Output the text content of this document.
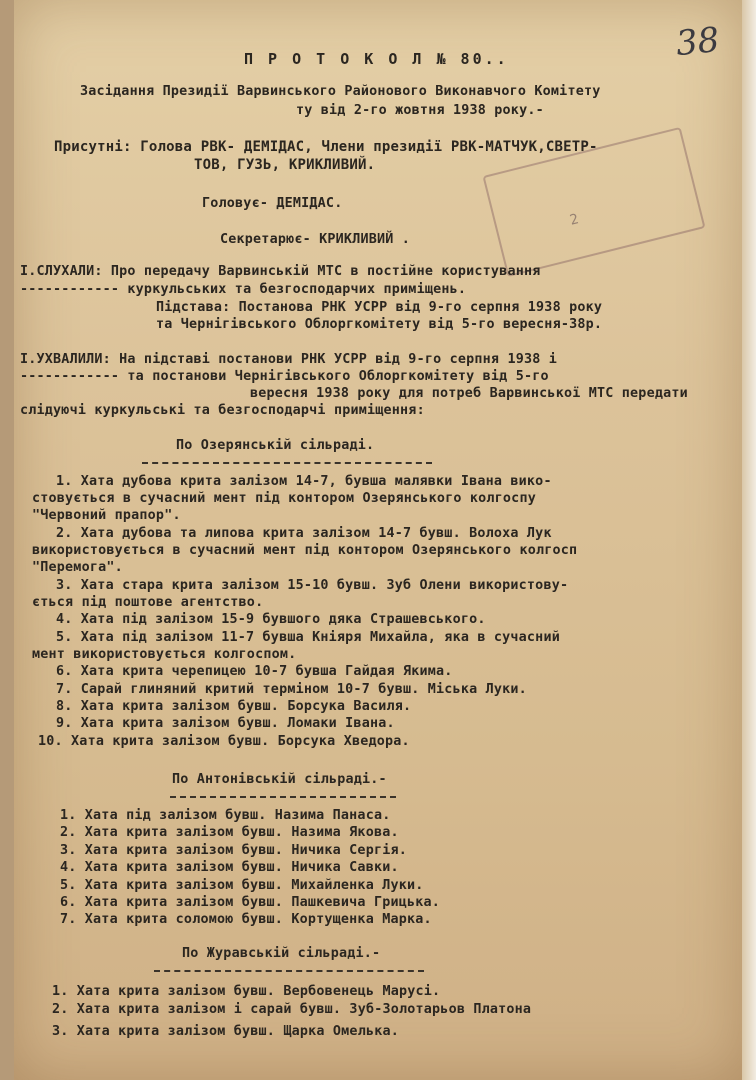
38
2
П Р О Т О К О Л № 80..
Засідання Президії Варвинського Районового Виконавчого Комітету
ту від 2-го жовтня 1938 року.-
Присутні: Голова РВК- ДЕМІДАС, Члени президії РВК-МАТЧУК,СВЕТР-
ТОВ, ГУЗЬ, КРИКЛИВИЙ.
Головує- ДЕМІДАС.
Секретарює- КРИКЛИВИЙ .
І.СЛУХАЛИ: Про передачу Варвинській МТС в постійне користування
------------ куркульських та безгосподарчих приміщень.
Підстава: Постанова РНК УСРР від 9-го серпня 1938 року
та Чернігівського Облоргкомітету від 5-го вересня-38р.
І.УХВАЛИЛИ: На підставі постанови РНК УСРР від 9-го серпня 1938 і
------------ та постанови Чернігівського Облоргкомітету від 5-го
вересня 1938 року для потреб Варвинської МТС передати
слідуючі куркульські та безгосподарчі приміщення:
По Озерянській сільраді.
1. Хата дубова крита залізом 14-7, бувша малявки Івана вико-
стовується в сучасний мент під контором Озерянського колгоспу
"Червоний прапор".
2. Хата дубова та липова крита залізом 14-7 бувш. Волоха Лук
використовується в сучасний мент під контором Озерянського колгосп
"Перемога".
3. Хата стара крита залізом 15-10 бувш. Зуб Олени використову-
ється під поштове агентство.
4. Хата під залізом 15-9 бувшого дяка Страшевського.
5. Хата під залізом 11-7 бувша Кніяря Михайла, яка в сучасний
мент використовується колгоспом.
6. Хата крита черепицею 10-7 бувша Гайдая Якима.
7. Сарай глиняний критий терміном 10-7 бувш. Міська Луки.
8. Хата крита залізом бувш. Борсука Василя.
9. Хата крита залізом бувш. Ломаки Івана.
10. Хата крита залізом бувш. Борсука Хведора.
По Антонівській сільраді.-
1. Хата під залізом бувш. Назима Панаса.
2. Хата крита залізом бувш. Назима Якова.
3. Хата крита залізом бувш. Ничика Сергія.
4. Хата крита залізом бувш. Ничика Савки.
5. Хата крита залізом бувш. Михайленка Луки.
6. Хата крита залізом бувш. Пашкевича Грицька.
7. Хата крита соломою бувш. Кортущенка Марка.
По Журавській сільраді.-
1. Хата крита залізом бувш. Вербовенець Марусі.
2. Хата крита залізом і сарай бувш. Зуб-Золотарьов Платона
3. Хата крита залізом бувш. Щарка Омелька.
